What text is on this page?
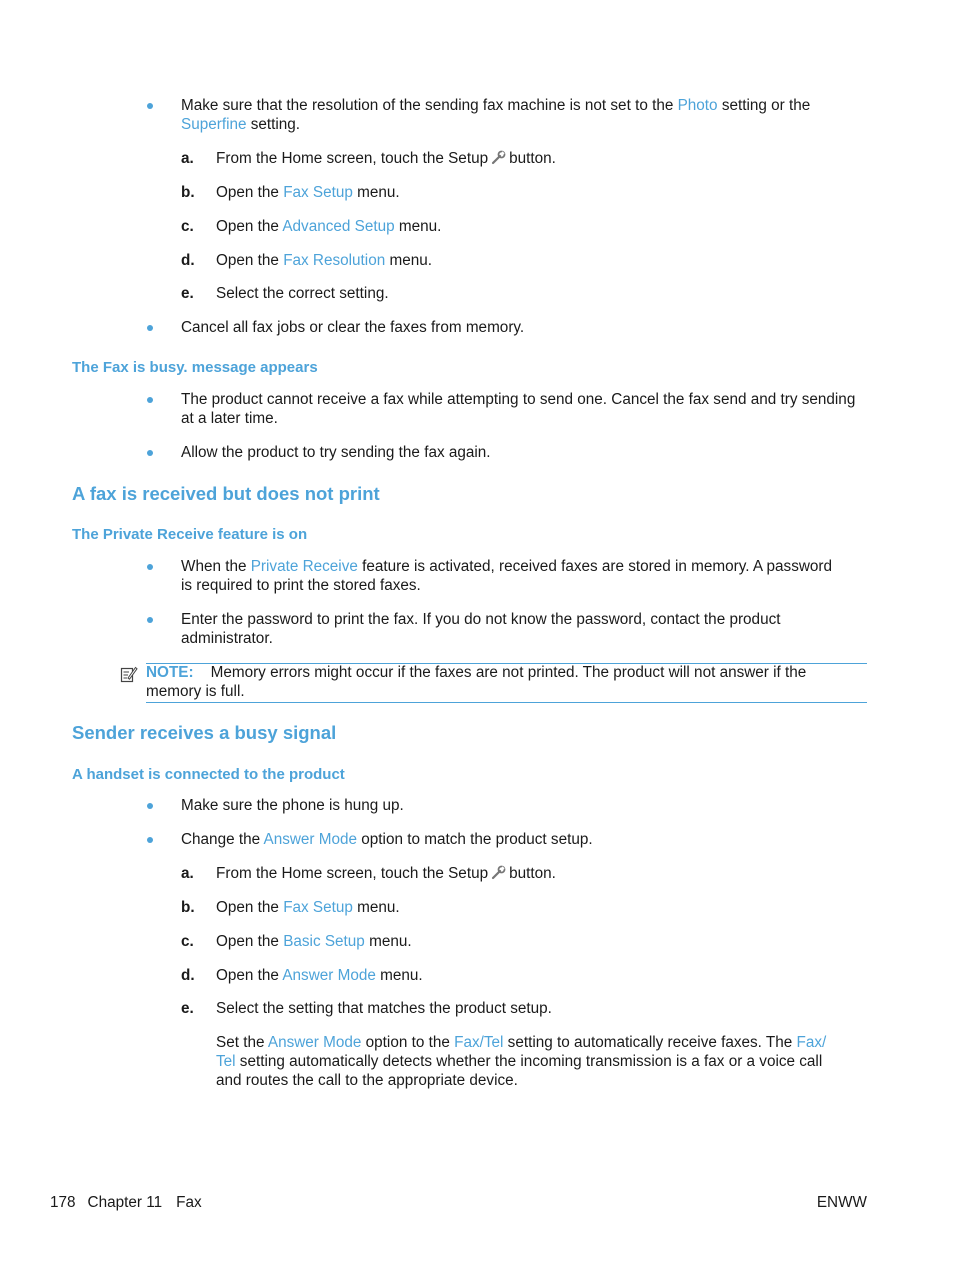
Make sure that the resolution of the sending fax machine is not set to the Photo setting or the
Superfine setting.
a. From the Home screen, touch the Setup button.
b. Open the Fax Setup menu.
c. Open the Advanced Setup menu.
d. Open the Fax Resolution menu.
e. Select the correct setting.
Cancel all fax jobs or clear the faxes from memory.
The Fax is busy. message appears
The product cannot receive a fax while attempting to send one. Cancel the fax send and try sending
at a later time.
Allow the product to try sending the fax again.
A fax is received but does not print
The Private Receive feature is on
When the Private Receive feature is activated, received faxes are stored in memory. A password
is required to print the stored faxes.
Enter the password to print the fax. If you do not know the password, contact the product
administrator.
NOTE: Memory errors might occur if the faxes are not printed. The product will not answer if the
memory is full.
Sender receives a busy signal
A handset is connected to the product
Make sure the phone is hung up.
Change the Answer Mode option to match the product setup.
a. From the Home screen, touch the Setup button.
b. Open the Fax Setup menu.
c. Open the Basic Setup menu.
d. Open the Answer Mode menu.
e. Select the setting that matches the product setup.
Set the Answer Mode option to the Fax/Tel setting to automatically receive faxes. The Fax/
Tel setting automatically detects whether the incoming transmission is a fax or a voice call
and routes the call to the appropriate device.
178 Chapter 11 Fax	ENWW
